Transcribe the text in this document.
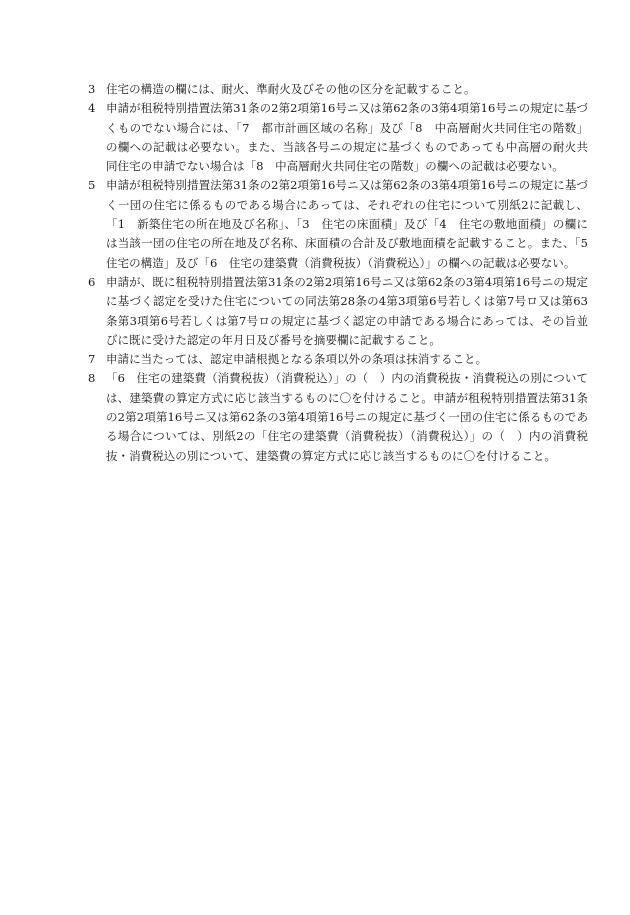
3 住宅の構造の欄には、耐火、準耐火及びその他の区分を記載すること。
4 申請が租税特別措置法第31条の2第2項第16号ニ又は第62条の3第4項第16号ニの規定に基づくものでない場合には、「7　都市計画区域の名称」及び「8　中高層耐火共同住宅の階数」の欄への記載は必要ない。また、当該各号ニの規定に基づくものであっても中高層の耐火共同住宅の申請でない場合は「8　中高層耐火共同住宅の階数」の欄への記載は必要ない。
5 申請が租税特別措置法第31条の2第2項第16号ニ又は第62条の3第4項第16号ニの規定に基づく一団の住宅に係るものである場合にあっては、それぞれの住宅について別紙2に記載し、「1　新築住宅の所在地及び名称」、「3　住宅の床面積」及び「4　住宅の敷地面積」の欄には当該一団の住宅の所在地及び名称、床面積の合計及び敷地面積を記載すること。また、「5　住宅の構造」及び「6　住宅の建築費（消費税抜）（消費税込）」の欄への記載は必要ない。
6 申請が、既に租税特別措置法第31条の2第2項第16号ニ又は第62条の3第4項第16号ニの規定に基づく認定を受けた住宅についての同法第28条の4第3項第6号若しくは第7号ロ又は第63条第3項第6号若しくは第7号ロの規定に基づく認定の申請である場合にあっては、その旨並びに既に受けた認定の年月日及び番号を摘要欄に記載すること。
7 申請に当たっては、認定申請根拠となる条項以外の条項は抹消すること。
8 「6　住宅の建築費（消費税抜）（消費税込）」の（　）内の消費税抜・消費税込の別については、建築費の算定方式に応じ該当するものに〇を付けること。申請が租税特別措置法第31条の2第2項第16号ニ又は第62条の3第4項第16号ニの規定に基づく一団の住宅に係るものである場合については、別紙2の「住宅の建築費（消費税抜）（消費税込）」の（　）内の消費税抜・消費税込の別について、建築費の算定方式に応じ該当するものに〇を付けること。
